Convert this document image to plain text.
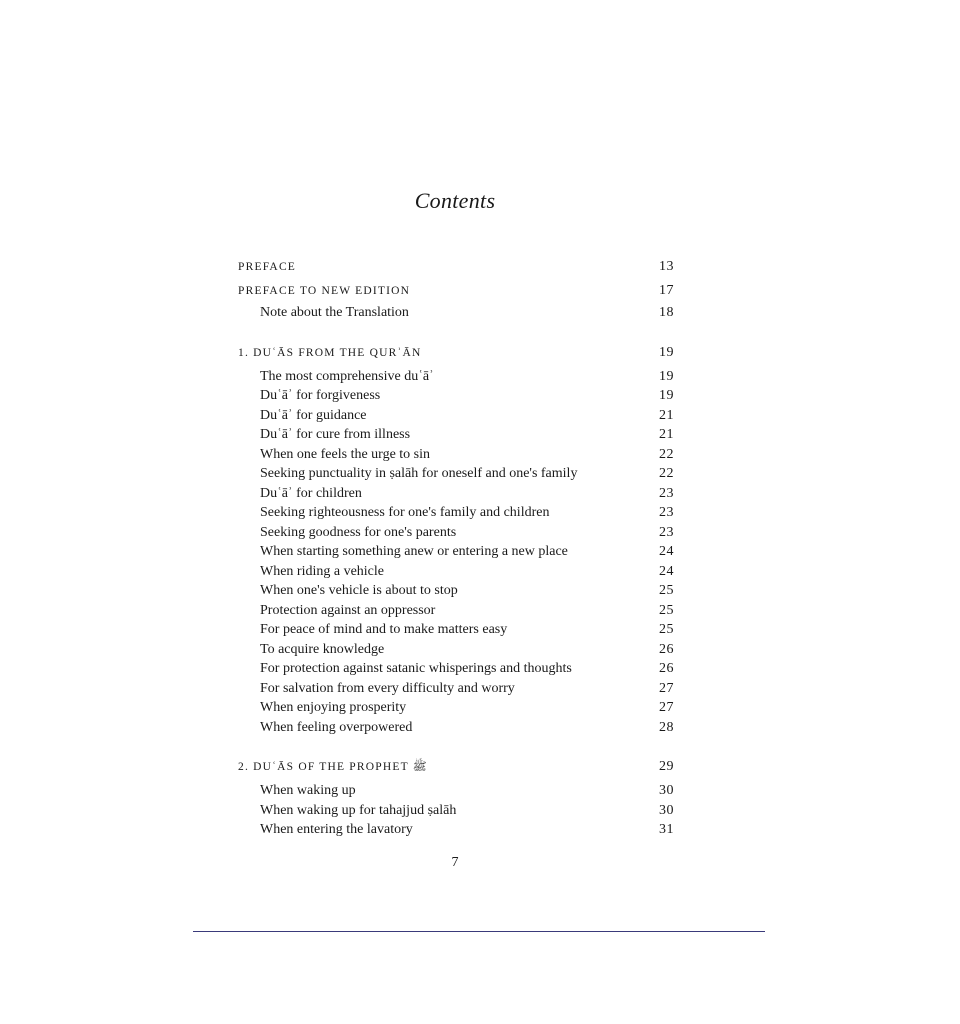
Contents
PREFACE	13
PREFACE TO NEW EDITION	17
Note about the Translation	18
1. DUʿĀS FROM THE QURʾĀN	19
The most comprehensive duʿāʾ	19
Duʿāʾ for forgiveness	19
Duʿāʾ for guidance	21
Duʿāʾ for cure from illness	21
When one feels the urge to sin	22
Seeking punctuality in ṣalāh for oneself and one's family	22
Duʿāʾ for children	23
Seeking righteousness for one's family and children	23
Seeking goodness for one's parents	23
When starting something anew or entering a new place	24
When riding a vehicle	24
When one's vehicle is about to stop	25
Protection against an oppressor	25
For peace of mind and to make matters easy	25
To acquire knowledge	26
For protection against satanic whisperings and thoughts	26
For salvation from every difficulty and worry	27
When enjoying prosperity	27
When feeling overpowered	28
2. DUʿĀS OF THE PROPHET ﷺ	29
When waking up	30
When waking up for tahajjud ṣalāh	30
When entering the lavatory	31
7
